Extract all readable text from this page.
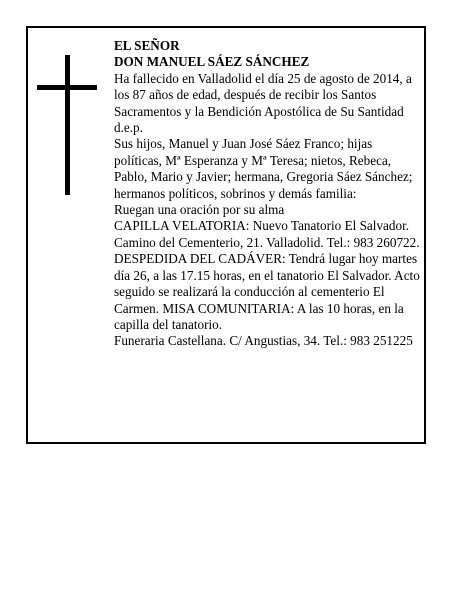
EL SEÑOR

DON MANUEL SÁEZ SÁNCHEZ

Ha fallecido en Valladolid el día 25 de agosto de 2014, a los 87 años de edad, después de recibir los Santos Sacramentos y la Bendición Apostólica de Su Santidad d.e.p.

Sus hijos, Manuel y Juan José Sáez Franco; hijas políticas, Mª Esperanza y Mª Teresa; nietos, Rebeca, Pablo, Mario y Javier; hermana, Gregoria Sáez Sánchez; hermanos políticos, sobrinos y demás familia:

Ruegan una oración por su alma

CAPILLA VELATORIA: Nuevo Tanatorio El Salvador. Camino del Cementerio, 21. Valladolid. Tel.: 983 260722. DESPEDIDA DEL CADÁVER: Tendrá lugar hoy martes día 26, a las 17.15 horas, en el tanatorio El Salvador. Acto seguido se realizará la conducción al cementerio El Carmen. MISA COMUNITARIA: A las 10 horas, en la capilla del tanatorio.

Funeraria Castellana. C/ Angustias, 34. Tel.: 983 251225
